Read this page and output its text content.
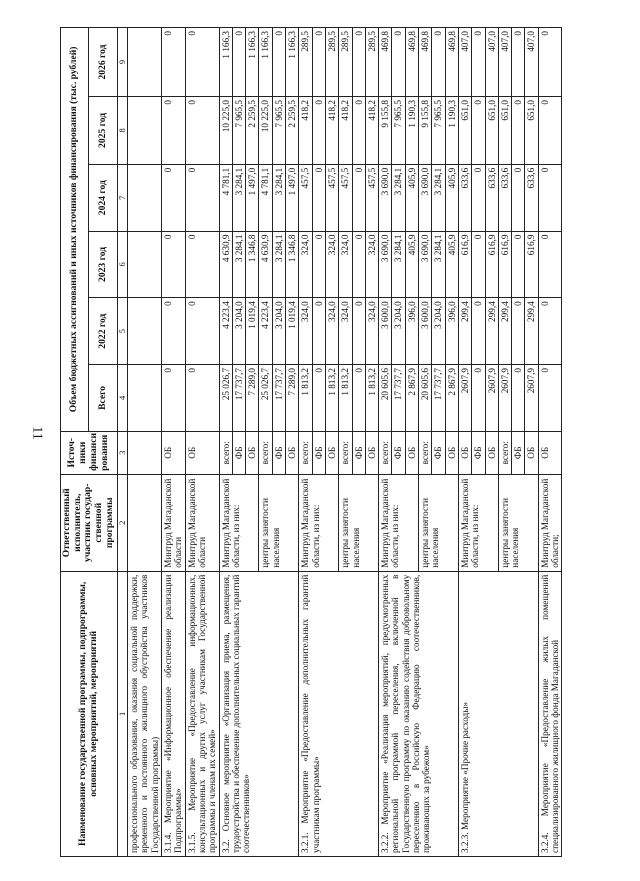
11
Наименование государственной программы, подпрограммы, основных мероприятий, мероприятий	Ответственный исполнитель, участник государ-ственной программы	Источ-ники финанси рования	Объем бюджетных ассигнований и иных источников финансирования (тыс. рублей)					
			Всего	2022 год	2023 год	2024 год	2025 год	2026 год
1	2	3	4	5	6	7	8	9
профессионального образования, оказания социальной поддержки, временного и постоянного жилищного обустройства участников Государственной программы)								
3.1.4. Мероприятие «Информационное обеспечение реализации Подпрограммы»	Минтруд Магаданской области	ОБ	0	0	0	0	0	0
3.1.5. Мероприятие «Предоставление информационных, консультационных и других услуг участникам Государственной программы и членам их семей»	Минтруд Магаданской области	ОБ	0	0	0	0	0	0
3.2. Основное мероприятие «Организация приема, размещения, трудоустройства и обеспечение дополнительных социальных гарантий соотечественников»	Минтруд Магаданской области, из них:	всего:	25 026,7	4 223,4	4 630,9	4 781,1	10 225,0	1 166,3
		ФБ	17 737,7	3 204,0	3 284,1	3 284,1	7 965,5	0
		ОБ	7 289,0	1 019,4	1 346,8	1 497,0	2 259,5	1 166,3
	центры занятости населения	всего:	25 026,7	4 223,4	4 630,9	4 781,1	10 225,0	1 166,3
		ФБ	17 737,7	3 204,0	3 284,1	3 284,1	7 965,5	0
		ОБ	7 289,0	1 019,4	1 346,8	1 497,0	2 259,5	1 166,3
3.2.1. Мероприятие «Предоставление дополнительных гарантий участникам программы»	Минтруд Магаданской области, из них:	всего:	1 813,2	324,0	324,0	457,5	418,2	289,5
		ФБ	0	0	0	0	0	0
		ОБ	1 813,2	324,0	324,0	457,5	418,2	289,5
	центры занятости населения	всего:	1 813,2	324,0	324,0	457,5	418,2	289,5
		ФБ	0	0	0	0	0	0
		ОБ	1 813,2	324,0	324,0	457,5	418,2	289,5
3.2.2. Мероприятие «Реализация мероприятий, предусмотренных региональной программой переселения, включенной в Государственную программу по оказанию содействия добровольному переселению в Российскую Федерацию соотечественников, проживающих за рубежом»	Минтруд Магаданской области, из них:	всего:	20 605,6	3 600,0	3 690,0	3 690,0	9 155,8	469,8
		ФБ	17 737,7	3 204,0	3 284,1	3 284,1	7 965,5	0
		ОБ	2 867,9	396,0	405,9	405,9	1 190,3	469,8
	центры занятости населения	всего:	20 605,6	3 600,0	3 690,0	3 690,0	9 155,8	469,8
		ФБ	17 737,7	3 204,0	3 284,1	3 284,1	7 965,5	0
		ОБ	2 867,9	396,0	405,9	405,9	1 190,3	469,8
3.2.3. Мероприятие «Прочие расходы»	Минтруд Магаданской области, из них:	ОБ	2607,9	299,4	616,9	633,6	651,0	407,0
		ФБ	0	0	0	0	0	0
		ОБ	2607,9	299,4	616,9	633,6	651,0	407,0
	центры занятости населения	всего:	2607,9	299,4	616,9	633,6	651,0	407,0
		ФБ	0	0	0	0	0	0
		ОБ	2607,9	299,4	616,9	633,6	651,0	407,0
3.2.4. Мероприятие «Предоставление жилых помещений специализированного жилищного фонда Магаданской	Минтруд Магаданской области;	ОБ	0	0	0	0	0	0
